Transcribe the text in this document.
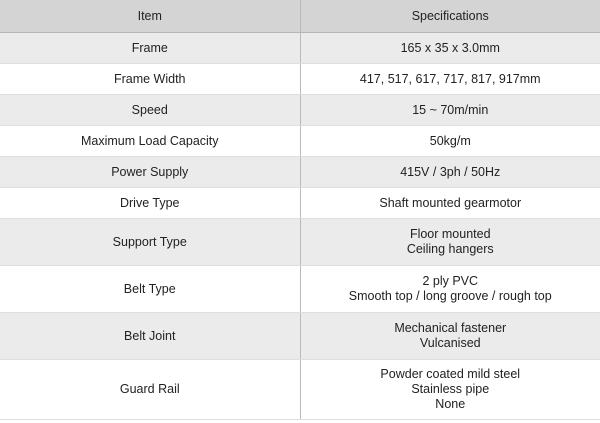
Item	Specifications
Frame	165 x 35 x 3.0mm

Frame Width	417, 517, 617, 717, 817, 917mm

Speed	15 ~ 70m/min

Maximum Load Capacity	50kg/m

Power Supply	415V / 3ph / 50Hz

Drive Type	Shaft mounted gearmotor

Support Type	Floor mounted
Ceiling hangers

Belt Type	2 ply PVC
Smooth top / long groove / rough top

Belt Joint	Mechanical fastener
Vulcanised

Guard Rail	Powder coated mild steel
Stainless pipe
None
